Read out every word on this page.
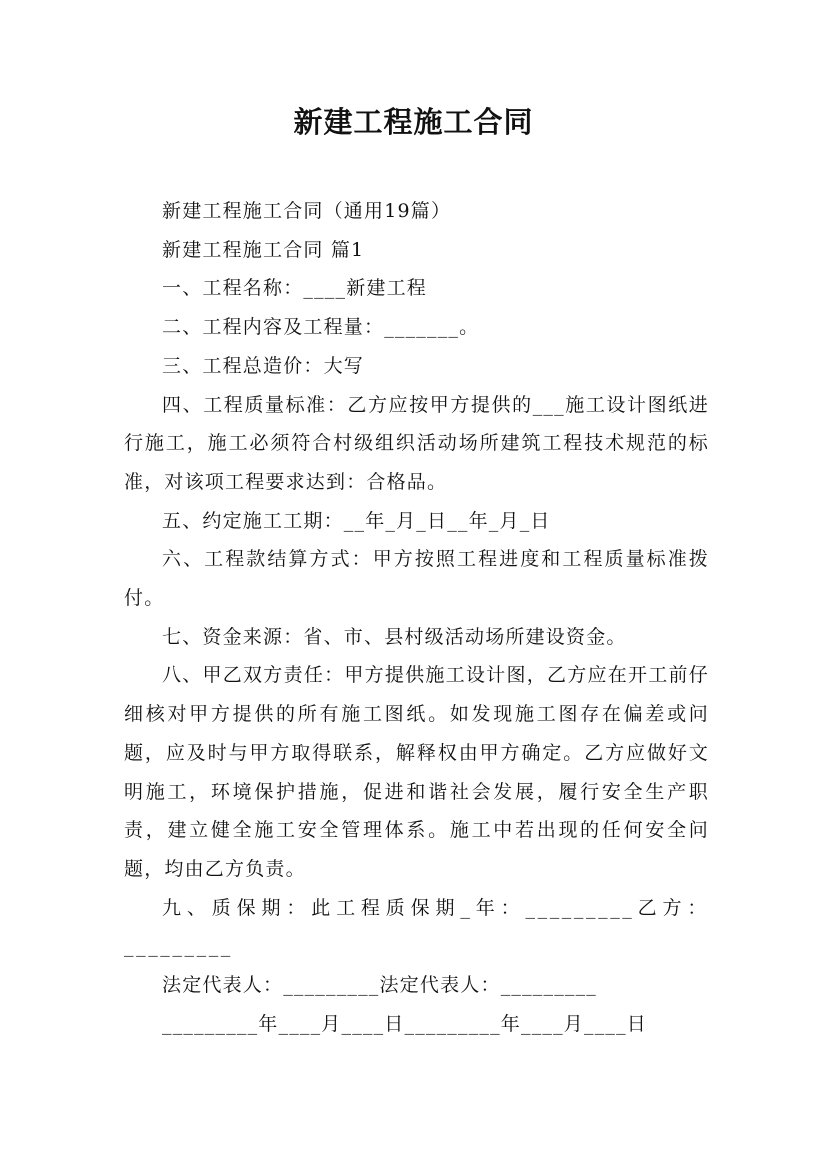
新建工程施工合同

新建工程施工合同（通用19篇）

新建工程施工合同 篇1

一、工程名称：____新建工程

二、工程内容及工程量：_______。

三、工程总造价：大写

四、工程质量标准：乙方应按甲方提供的___施工设计图纸进行施工，施工必须符合村级组织活动场所建筑工程技术规范的标准，对该项工程要求达到：合格品。

五、约定施工工期：__年_月_日__年_月_日

六、工程款结算方式：甲方按照工程进度和工程质量标准拨付。

七、资金来源：省、市、县村级活动场所建设资金。

八、甲乙双方责任：甲方提供施工设计图，乙方应在开工前仔细核对甲方提供的所有施工图纸。如发现施工图存在偏差或问题，应及时与甲方取得联系，解释权由甲方确定。乙方应做好文明施工，环境保护措施，促进和谐社会发展，履行安全生产职责，建立健全施工安全管理体系。施工中若出现的任何安全问题，均由乙方负责。

九、质保期：此工程质保期_年：_________乙方：_________

法定代表人：_________法定代表人：_________

_________年____月____日_________年____月____日
